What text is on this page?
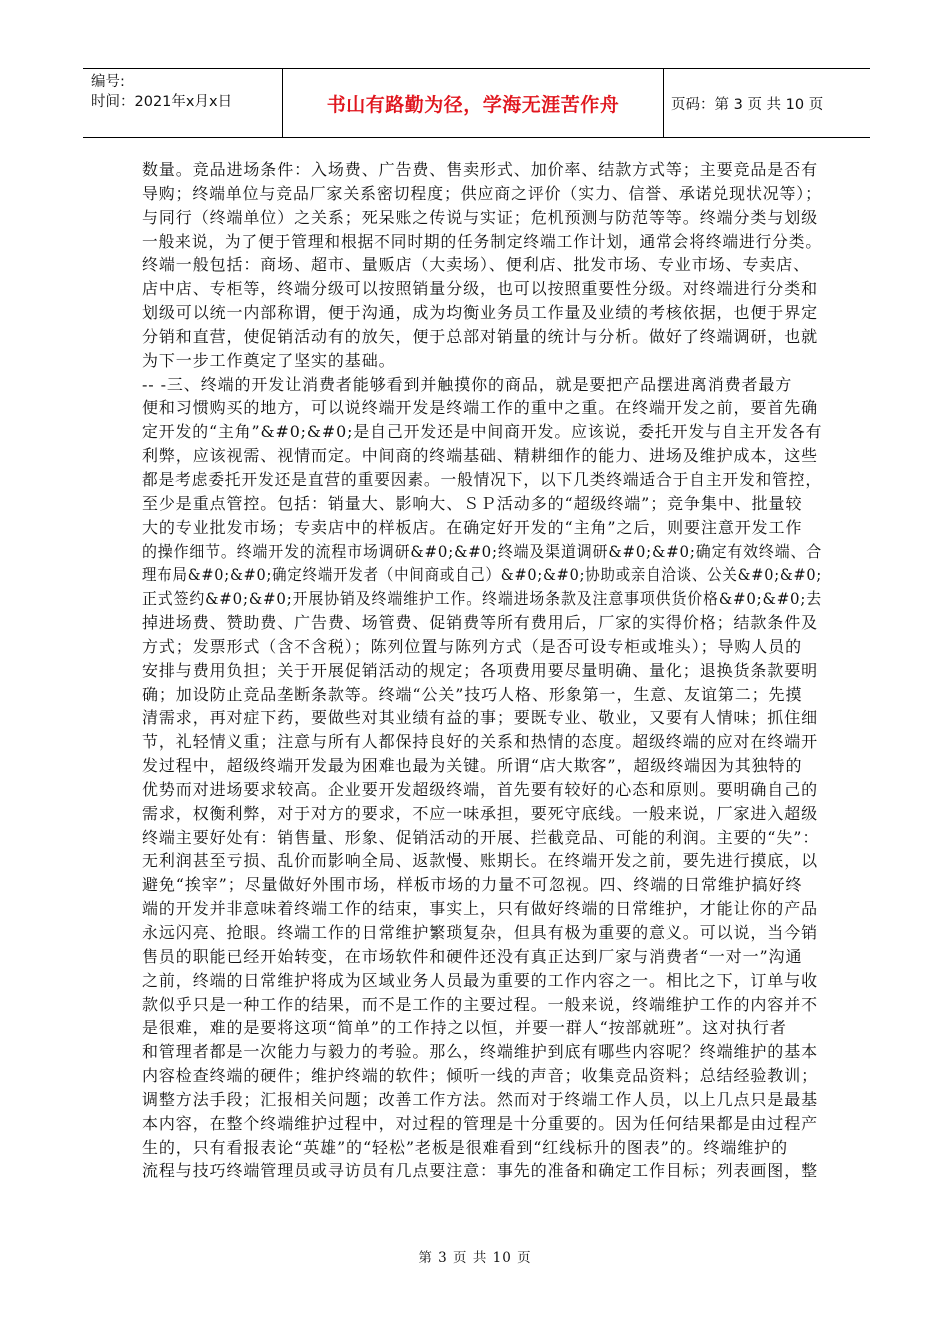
编号:
时间：2021年x月x日	书山有路勤为径，学海无涯苦作舟	页码：第 3 页 共 10 页
数量。竞品进场条件：入场费、广告费、售卖形式、加价率、结款方式等；主要竞品是否有
导购；终端单位与竞品厂家关系密切程度；供应商之评价（实力、信誉、承诺兑现状况等）；
与同行（终端单位）之关系；死呆账之传说与实证；危机预测与防范等等。终端分类与划级
一般来说，为了便于管理和根据不同时期的任务制定终端工作计划，通常会将终端进行分类。
终端一般包括：商场、超市、量贩店（大卖场）、便利店、批发市场、专业市场、专卖店、
店中店、专柜等，终端分级可以按照销量分级，也可以按照重要性分级。对终端进行分类和
划级可以统一内部称谓，便于沟通，成为均衡业务员工作量及业绩的考核依据，也便于界定
分销和直营，使促销活动有的放矢，便于总部对销量的统计与分析。做好了终端调研，也就
为下一步工作奠定了坚实的基础。
-- -三、终端的开发让消费者能够看到并触摸你的商品，就是要把产品摆进离消费者最方
便和习惯购买的地方，可以说终端开发是终端工作的重中之重。在终端开发之前，要首先确
定开发的“主角”&#0;&#0;是自己开发还是中间商开发。应该说，委托开发与自主开发各有
利弊，应该视需、视情而定。中间商的终端基础、精耕细作的能力、进场及维护成本，这些
都是考虑委托开发还是直营的重要因素。一般情况下，以下几类终端适合于自主开发和管控，
至少是重点管控。包括：销量大、影响大、ＳＰ活动多的“超级终端”；竞争集中、批量较
大的专业批发市场；专卖店中的样板店。在确定好开发的“主角”之后，则要注意开发工作
的操作细节。终端开发的流程市场调研&#0;&#0;终端及渠道调研&#0;&#0;确定有效终端、合
理布局&#0;&#0;确定终端开发者（中间商或自己）&#0;&#0;协助或亲自洽谈、公关&#0;&#0;
正式签约&#0;&#0;开展协销及终端维护工作。终端进场条款及注意事项供货价格&#0;&#0;去
掉进场费、赞助费、广告费、场管费、促销费等所有费用后，厂家的实得价格；结款条件及
方式；发票形式（含不含税）；陈列位置与陈列方式（是否可设专柜或堆头）；导购人员的
安排与费用负担；关于开展促销活动的规定；各项费用要尽量明确、量化；退换货条款要明
确；加设防止竞品垄断条款等。终端“公关”技巧人格、形象第一，生意、友谊第二；先摸
清需求，再对症下药，要做些对其业绩有益的事；要既专业、敬业，又要有人情味；抓住细
节，礼轻情义重；注意与所有人都保持良好的关系和热情的态度。超级终端的应对在终端开
发过程中，超级终端开发最为困难也最为关键。所谓“店大欺客”，超级终端因为其独特的
优势而对进场要求较高。企业要开发超级终端，首先要有较好的心态和原则。要明确自己的
需求，权衡利弊，对于对方的要求，不应一味承担，要死守底线。一般来说，厂家进入超级
终端主要好处有：销售量、形象、促销活动的开展、拦截竞品、可能的利润。主要的“失”：
无利润甚至亏损、乱价而影响全局、返款慢、账期长。在终端开发之前，要先进行摸底，以
避免“挨宰”；尽量做好外围市场，样板市场的力量不可忽视。四、终端的日常维护搞好终
端的开发并非意味着终端工作的结束，事实上，只有做好终端的日常维护，才能让你的产品
永远闪亮、抢眼。终端工作的日常维护繁琐复杂，但具有极为重要的意义。可以说，当今销
售员的职能已经开始转变，在市场软件和硬件还没有真正达到厂家与消费者“一对一”沟通
之前，终端的日常维护将成为区域业务人员最为重要的工作内容之一。相比之下，订单与收
款似乎只是一种工作的结果，而不是工作的主要过程。一般来说，终端维护工作的内容并不
是很难，难的是要将这项“简单”的工作持之以恒，并要一群人“按部就班”。这对执行者
和管理者都是一次能力与毅力的考验。那么，终端维护到底有哪些内容呢？终端维护的基本
内容检查终端的硬件；维护终端的软件；倾听一线的声音；收集竞品资料；总结经验教训；
调整方法手段；汇报相关问题；改善工作方法。然而对于终端工作人员，以上几点只是最基
本内容，在整个终端维护过程中，对过程的管理是十分重要的。因为任何结果都是由过程产
生的，只有看报表论“英雄”的“轻松”老板是很难看到“红线标升的图表”的。终端维护的
流程与技巧终端管理员或寻访员有几点要注意：事先的准备和确定工作目标；列表画图，整
第 3 页 共 10 页
